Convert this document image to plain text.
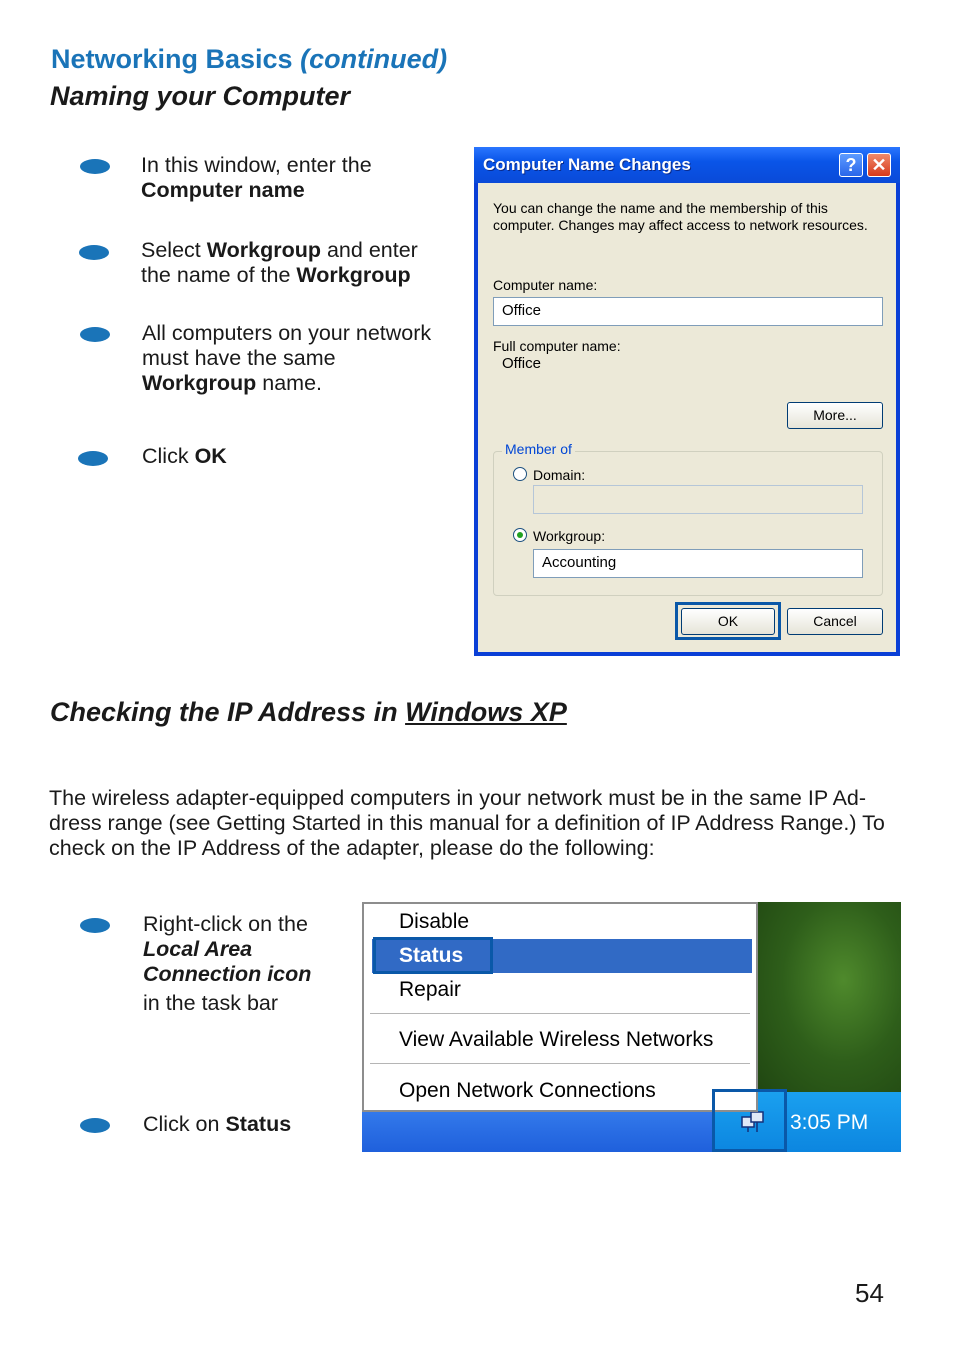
Networking Basics (continued)
Naming your Computer
In this window, enter the
Computer name
Select Workgroup and enter
the name of the Workgroup
All computers on your network
must have the same
Workgroup name.
Click OK
Computer Name Changes	? ✕
You can change the name and the membership of this
computer. Changes may affect access to network resources.
Computer name:
Office
Full computer name:
Office
More...
Member of
Domain:
Workgroup:
Accounting
OK	Cancel
Checking the IP Address in Windows XP
The wireless adapter-equipped computers in your network must be in the same IP Ad-
dress range (see Getting Started in this manual for a definition of IP Address Range.) To
check on the IP Address of the adapter, please do the following:
Right-click on the
Local Area
Connection icon
in the task bar
Click on Status	3:05 PM
Disable
Status
Repair
View Available Wireless Networks
Open Network Connections
54
